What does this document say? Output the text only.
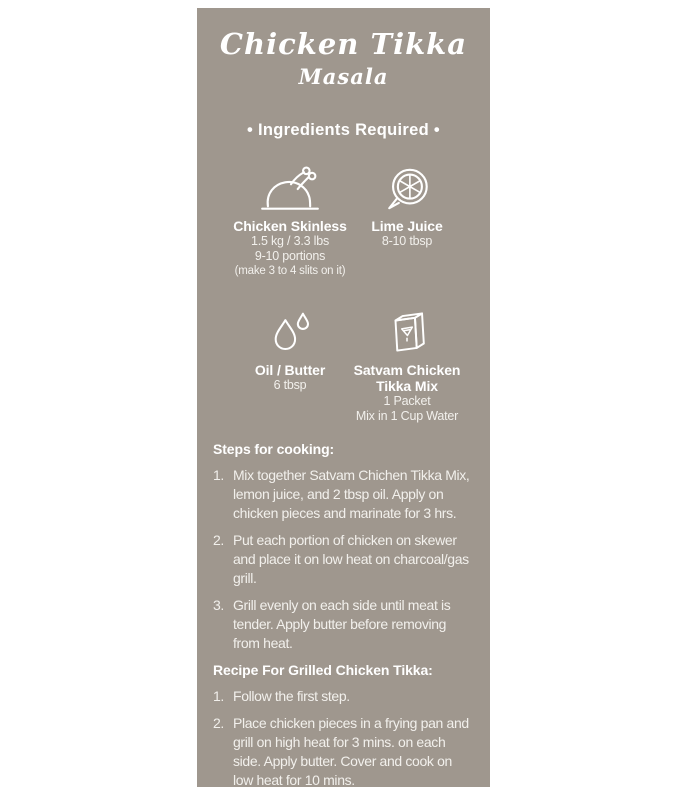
Chicken Tikka
Masala
• Ingredients Required •
Chicken Skinless
1.5 kg / 3.3 lbs
9-10 portions
(make 3 to 4 slits on it)
Lime Juice
8-10 tbsp
Oil / Butter
6 tbsp
Satvam Chicken Tikka Mix
1 Packet
Mix in 1 Cup Water
Steps for cooking:
1. Mix together Satvam Chichen Tikka Mix, lemon juice, and 2 tbsp oil. Apply on chicken pieces and marinate for 3 hrs.
2. Put each portion of chicken on skewer and place it on low heat on charcoal/gas grill.
3. Grill evenly on each side until meat is tender. Apply butter before removing from heat.
Recipe For Grilled Chicken Tikka:
1. Follow the first step.
2. Place chicken pieces in a frying pan and grill on high heat for 3 mins. on each side. Apply butter. Cover and cook on low heat for 10 mins.
